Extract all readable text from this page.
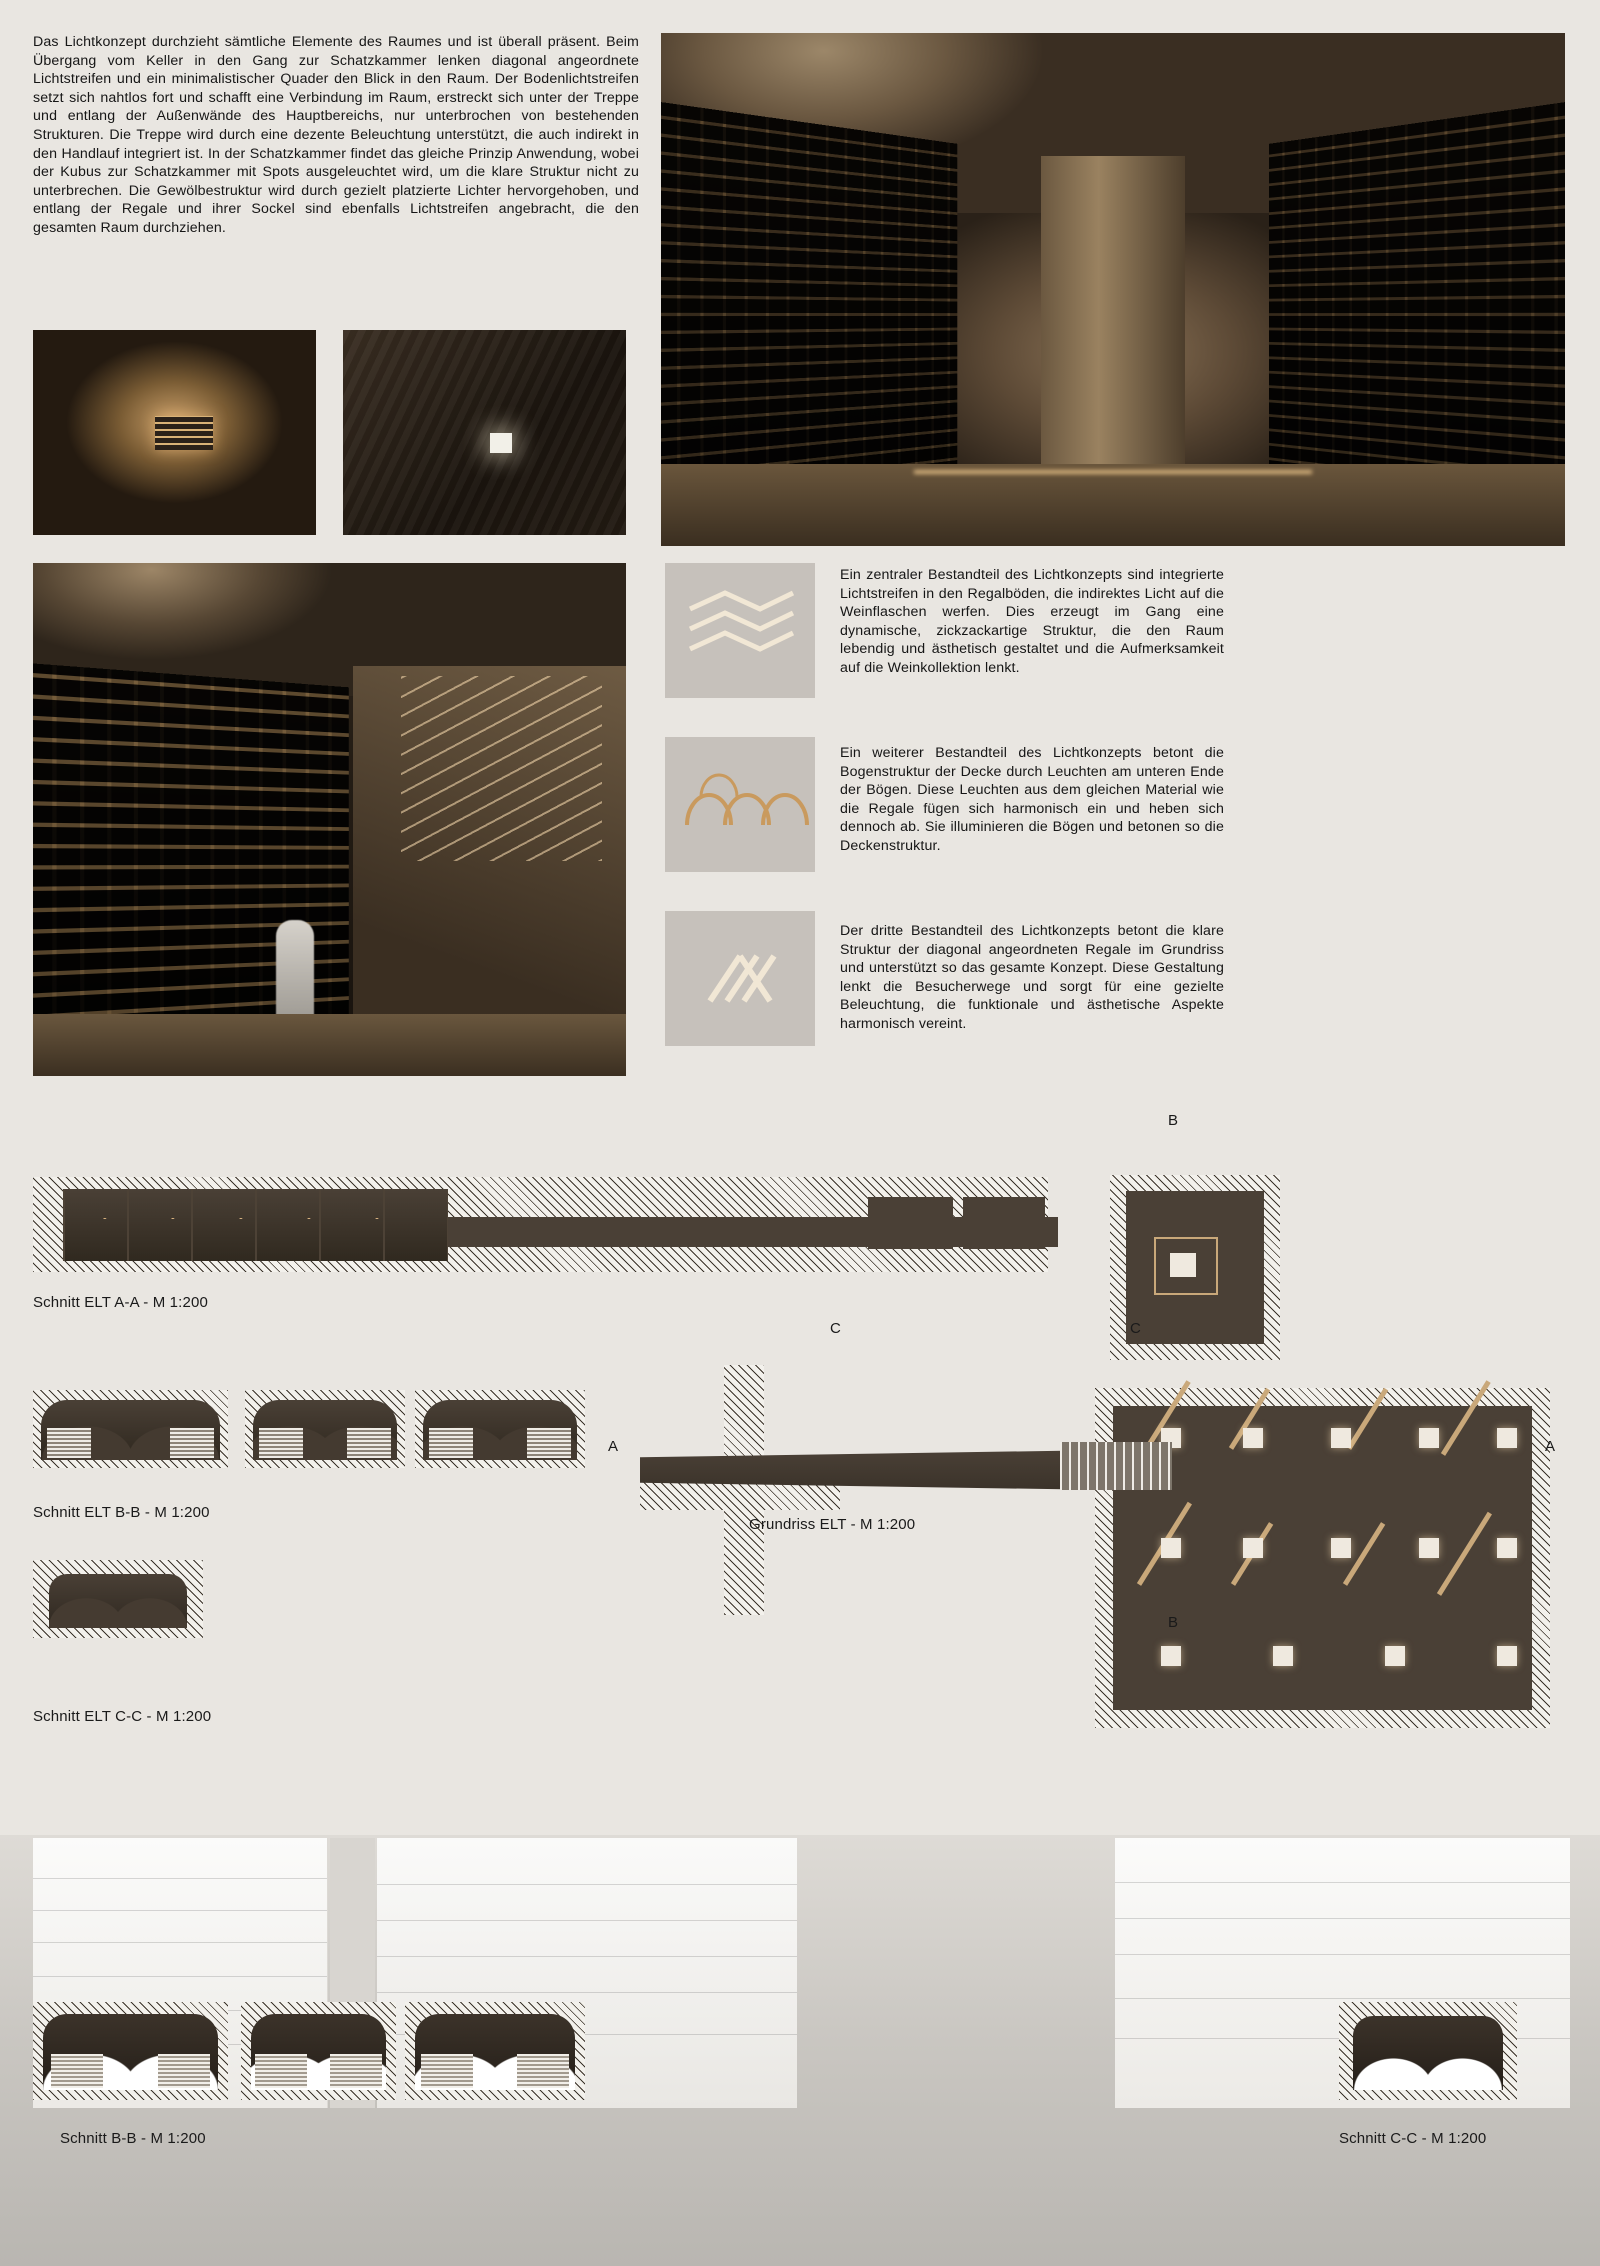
Das Lichtkonzept durchzieht sämtliche Elemente des Raumes und ist überall präsent. Beim Übergang vom Keller in den Gang zur Schatzkammer lenken diagonal angeordnete Lichtstreifen und ein minimalistischer Quader den Blick in den Raum. Der Bodenlichtstreifen setzt sich nahtlos fort und schafft eine Verbindung im Raum, erstreckt sich unter der Treppe und entlang der Außenwände des Hauptbereichs, nur unterbrochen von bestehenden Strukturen. Die Treppe wird durch eine dezente Beleuchtung unterstützt, die auch indirekt in den Handlauf integriert ist. In der Schatzkammer findet das gleiche Prinzip Anwendung, wobei der Kubus zur Schatzkammer mit Spots ausgeleuchtet wird, um die klare Struktur nicht zu unterbrechen. Die Gewölbestruktur wird durch gezielt platzierte Lichter hervorgehoben, und entlang der Regale und ihrer Sockel sind ebenfalls Lichtstreifen angebracht, die den gesamten Raum durchziehen.
Ein zentraler Bestandteil des Lichtkonzepts sind integrierte Lichtstreifen in den Regalböden, die indirektes Licht auf die Weinflaschen werfen. Dies erzeugt im Gang eine dynamische, zickzackartige Struktur, die den Raum lebendig und ästhetisch gestaltet und die Aufmerksamkeit auf die Weinkollektion lenkt.
Ein weiterer Bestandteil des Lichtkonzepts betont die Bogenstruktur der Decke durch Leuchten am unteren Ende der Bögen. Diese Leuchten aus dem gleichen Material wie die Regale fügen sich harmonisch ein und heben sich dennoch ab. Sie illuminieren die Bögen und betonen so die Deckenstruktur.
Der dritte Bestandteil des Lichtkonzepts betont die klare Struktur der diagonal angeordneten Regale im Grundriss und unterstützt so das gesamte Konzept. Diese Gestaltung lenkt die Besucherwege und sorgt für eine gezielte Beleuchtung, die funktionale und ästhetische Aspekte harmonisch vereint.
Schnitt ELT A-A - M 1:200
Schnitt ELT B-B - M 1:200
Schnitt ELT C-C - M 1:200
B
B
C	C
A	A
Grundriss ELT - M 1:200
Schnitt B-B - M 1:200	Schnitt C-C - M 1:200
